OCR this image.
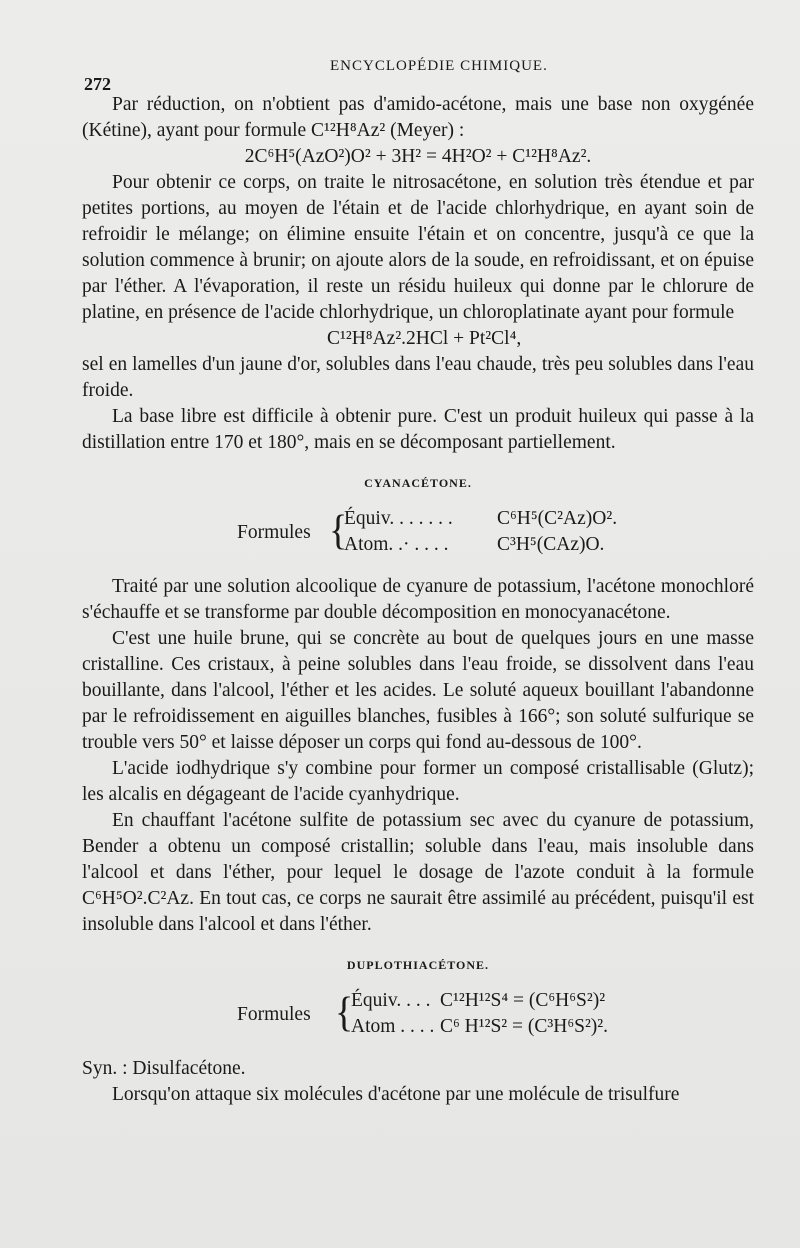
272
ENCYCLOPÉDIE CHIMIQUE.

Par réduction, on n'obtient pas d'amido-acétone, mais une base non oxygénée (Kétine), ayant pour formule C¹²H⁸Az² (Meyer) :

2C⁶H⁵(AzO²)O² + 3H² = 4H²O² + C¹²H⁸Az².

Pour obtenir ce corps, on traite le nitrosacétone, en solution très étendue et par petites portions, au moyen de l'étain et de l'acide chlorhydrique, en ayant soin de refroidir le mélange; on élimine ensuite l'étain et on concentre, jusqu'à ce que la solution commence à brunir; on ajoute alors de la soude, en refroidissant, et on épuise par l'éther. A l'évaporation, il reste un résidu huileux qui donne par le chlorure de platine, en présence de l'acide chlorhydrique, un chloroplatinate ayant pour formule

C¹²H⁸Az².2HCl + Pt²Cl⁴,

sel en lamelles d'un jaune d'or, solubles dans l'eau chaude, très peu solubles dans l'eau froide.

La base libre est difficile à obtenir pure. C'est un produit huileux qui passe à la distillation entre 170 et 180°, mais en se décomposant partiellement.

CYANACÉTONE.
Formules {
Équiv. . . . . . .
Atom. .· . . . .
C⁶H⁵(C²Az)O².
C³H⁵(CAz)O.

Traité par une solution alcoolique de cyanure de potassium, l'acétone monochloré s'échauffe et se transforme par double décomposition en monocyanacétone.

C'est une huile brune, qui se concrète au bout de quelques jours en une masse cristalline. Ces cristaux, à peine solubles dans l'eau froide, se dissolvent dans l'eau bouillante, dans l'alcool, l'éther et les acides. Le soluté aqueux bouillant l'abandonne par le refroidissement en aiguilles blanches, fusibles à 166°; son soluté sulfurique se trouble vers 50° et laisse déposer un corps qui fond au-dessous de 100°.

L'acide iodhydrique s'y combine pour former un composé cristallisable (Glutz); les alcalis en dégageant de l'acide cyanhydrique.

En chauffant l'acétone sulfite de potassium sec avec du cyanure de potassium, Bender a obtenu un composé cristallin; soluble dans l'eau, mais insoluble dans l'alcool et dans l'éther, pour lequel le dosage de l'azote conduit à la formule C⁶H⁵O².C²Az. En tout cas, ce corps ne saurait être assimilé au précédent, puisqu'il est insoluble dans l'alcool et dans l'éther.

DUPLOTHIACÉTONE.
Formules {
Équiv. . . .
Atom . . . .
C¹²H¹²S⁴ = (C⁶H⁶S²)²
C⁶ H¹²S² = (C³H⁶S²)².

Syn. : Disulfacétone.

Lorsqu'on attaque six molécules d'acétone par une molécule de trisulfure
